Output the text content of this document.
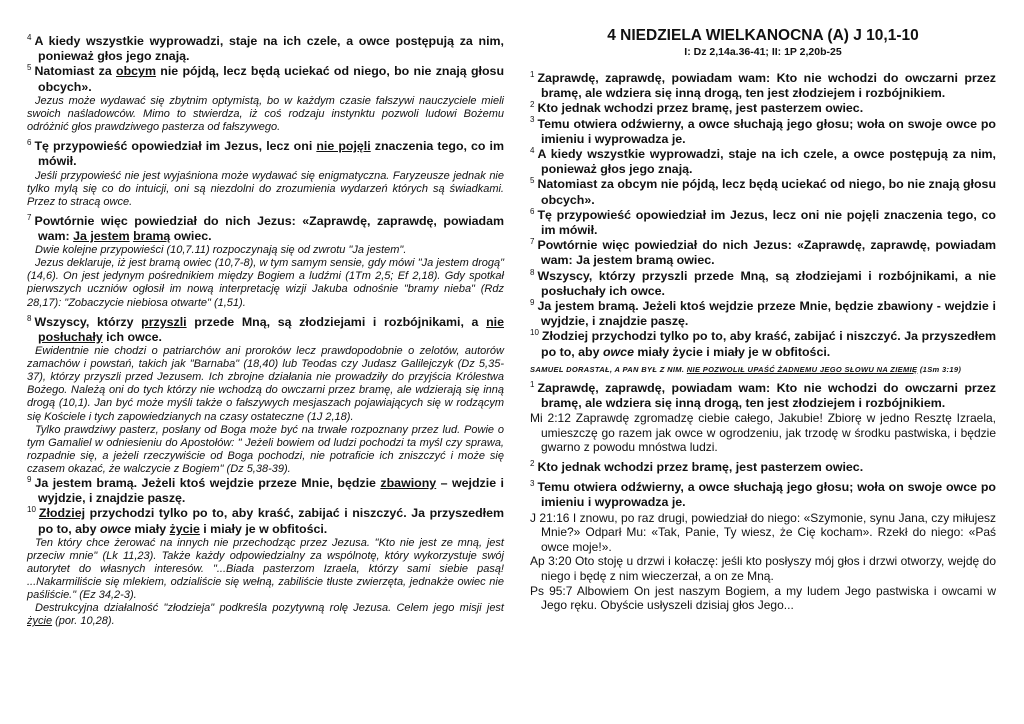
$^4$ A kiedy wszystkie wyprowadzi, staje na ich czele, a owce postępują za nim, ponieważ głos jego znają.

$^5$ Natomiast za obcym nie pójdą, lecz będą uciekać od niego, bo nie znają głosu obcych».

Jezus może wydawać się zbytnim optymistą, bo w każdym czasie fałszywi nauczyciele mieli swoich naśladowców. Mimo to stwierdza, iż coś rodzaju instynktu pozwoli ludowi Bożemu odróżnić głos prawdziwego pasterza od fałszywego.

$^6$ Tę przypowieść opowiedział im Jezus, lecz oni nie pojęli znaczenia tego, co im mówił.

Jeśli przypowieść nie jest wyjaśniona może wydawać się enigmatyczna. Faryzeusze jednak nie tylko mylą się co do intuicji, oni są niezdolni do zrozumienia wydarzeń których są świadkami. Przez to stracą owce.

$^7$ Powtórnie więc powiedział do nich Jezus: «Zaprawdę, zaprawdę, powiadam wam: Ja jestem bramą owiec.

Dwie kolejne przypowieści (10,7.11) rozpoczynają się od zwrotu "Ja jestem".

Jezus deklaruje, iż jest bramą owiec (10,7-8), w tym samym sensie, gdy mówi "Ja jestem drogą" (14,6). On jest jedynym pośrednikiem między Bogiem a ludźmi (1Tm 2,5; Ef 2,18). Gdy spotkał pierwszych uczniów ogłosił im nową interpretację wizji Jakuba odnośnie "bramy nieba" (Rdz 28,17): "Zobaczycie niebiosa otwarte" (1,51).

$^8$ Wszyscy, którzy przyszli przede Mną, są złodziejami i rozbójnikami, a nie posłuchały ich owce.

Ewidentnie nie chodzi o patriarchów ani proroków lecz prawdopodobnie o zelotów, autorów zamachów i powstań, takich jak "Barnaba" (18,40) lub Teodas czy Judasz Galilejczyk (Dz 5,35-37), którzy przyszli przed Jezusem. Ich zbrojne działania nie prowadziły do przyjścia Królestwa Bożego. Należą oni do tych którzy nie wchodzą do owczarni przez bramę, ale wdzierają się inną drogą (10,1). Jan być może myśli także o fałszywych mesjaszach pojawiających się w rodzącym się Kościele i tych zapowiedzianych na czasy ostateczne (1J 2,18).

Tylko prawdziwy pasterz, posłany od Boga może być na trwałe rozpoznany przez lud. Powie o tym Gamaliel w odniesieniu do Apostołów: " Jeżeli bowiem od ludzi pochodzi ta myśl czy sprawa, rozpadnie się, a jeżeli rzeczywiście od Boga pochodzi, nie potraficie ich zniszczyć i może się czasem okazać, że walczycie z Bogiem" (Dz 5,38-39).

$^9$ Ja jestem bramą. Jeżeli ktoś wejdzie przeze Mnie, będzie zbawiony – wejdzie i wyjdzie, i znajdzie paszę.

$^{10}$ Złodziej przychodzi tylko po to, aby kraść, zabijać i niszczyć. Ja przyszedłem po to, aby owce miały życie i miały je w obfitości.

Ten który chce żerować na innych nie przechodząc przez Jezusa. "Kto nie jest ze mną, jest przeciw mnie" (Lk 11,23). Także każdy odpowiedzialny za wspólnotę, który wykorzystuje swój autorytet do własnych interesów. "...Biada pasterzom Izraela, którzy sami siebie pasą! ...Nakarmiliście się mlekiem, odzialiście się wełną, zabiliście tłuste zwierzęta, jednakże owiec nie paśliście." (Ez 34,2-3).

Destrukcyjna działalność "złodzieja" podkreśla pozytywną rolę Jezusa. Celem jego misji jest życie (por. 10,28).

4 NIEDZIELA WIELKANOCNA (A) J 10,1-10

I: Dz 2,14a.36-41; II: 1P 2,20b-25

$^1$ Zaprawdę, zaprawdę, powiadam wam: Kto nie wchodzi do owczarni przez bramę, ale wdziera się inną drogą, ten jest złodziejem i rozbójnikiem.

$^2$ Kto jednak wchodzi przez bramę, jest pasterzem owiec.

$^3$ Temu otwiera odźwierny, a owce słuchają jego głosu; woła on swoje owce po imieniu i wyprowadza je.

$^4$ A kiedy wszystkie wyprowadzi, staje na ich czele, a owce postępują za nim, ponieważ głos jego znają.

$^5$ Natomiast za obcym nie pójdą, lecz będą uciekać od niego, bo nie znają głosu obcych».

$^6$ Tę przypowieść opowiedział im Jezus, lecz oni nie pojęli znaczenia tego, co im mówił.

$^7$ Powtórnie więc powiedział do nich Jezus: «Zaprawdę, zaprawdę, powiadam wam: Ja jestem bramą owiec.

$^8$ Wszyscy, którzy przyszli przede Mną, są złodziejami i rozbójnikami, a nie posłuchały ich owce.

$^9$ Ja jestem bramą. Jeżeli ktoś wejdzie przeze Mnie, będzie zbawiony - wejdzie i wyjdzie, i znajdzie paszę.

$^{10}$ Złodziej przychodzi tylko po to, aby kraść, zabijać i niszczyć. Ja przyszedłem po to, aby owce miały życie i miały je w obfitości.

SAMUEL DORASTAŁ, A PAN BYŁ Z NIM. NIE POZWOLIŁ UPAŚĆ ŻADNEMU JEGO SŁOWU NA ZIEMIĘ (1Sm 3:19)

$^1$ Zaprawdę, zaprawdę, powiadam wam: Kto nie wchodzi do owczarni przez bramę, ale wdziera się inną drogą, ten jest złodziejem i rozbójnikiem.

Mi 2:12 Zaprawdę zgromadzę ciebie całego, Jakubie! Zbiorę w jedno Resztę Izraela, umieszczę go razem jak owce w ogrodzeniu, jak trzodę w środku pastwiska, i będzie gwarno z powodu mnóstwa ludzi.

$^2$ Kto jednak wchodzi przez bramę, jest pasterzem owiec.

$^3$ Temu otwiera odźwierny, a owce słuchają jego głosu; woła on swoje owce po imieniu i wyprowadza je.

J 21:16 I znowu, po raz drugi, powiedział do niego: «Szymonie, synu Jana, czy miłujesz Mnie?» Odparł Mu: «Tak, Panie, Ty wiesz, że Cię kocham». Rzekł do niego: «Paś owce moje!».

Ap 3:20 Oto stoję u drzwi i kołaczę: jeśli kto posłyszy mój głos i drzwi otworzy, wejdę do niego i będę z nim wieczerzał, a on ze Mną.

Ps 95:7 Albowiem On jest naszym Bogiem, a my ludem Jego pastwiska i owcami w Jego ręku. Obyście usłyszeli dzisiaj głos Jego...
